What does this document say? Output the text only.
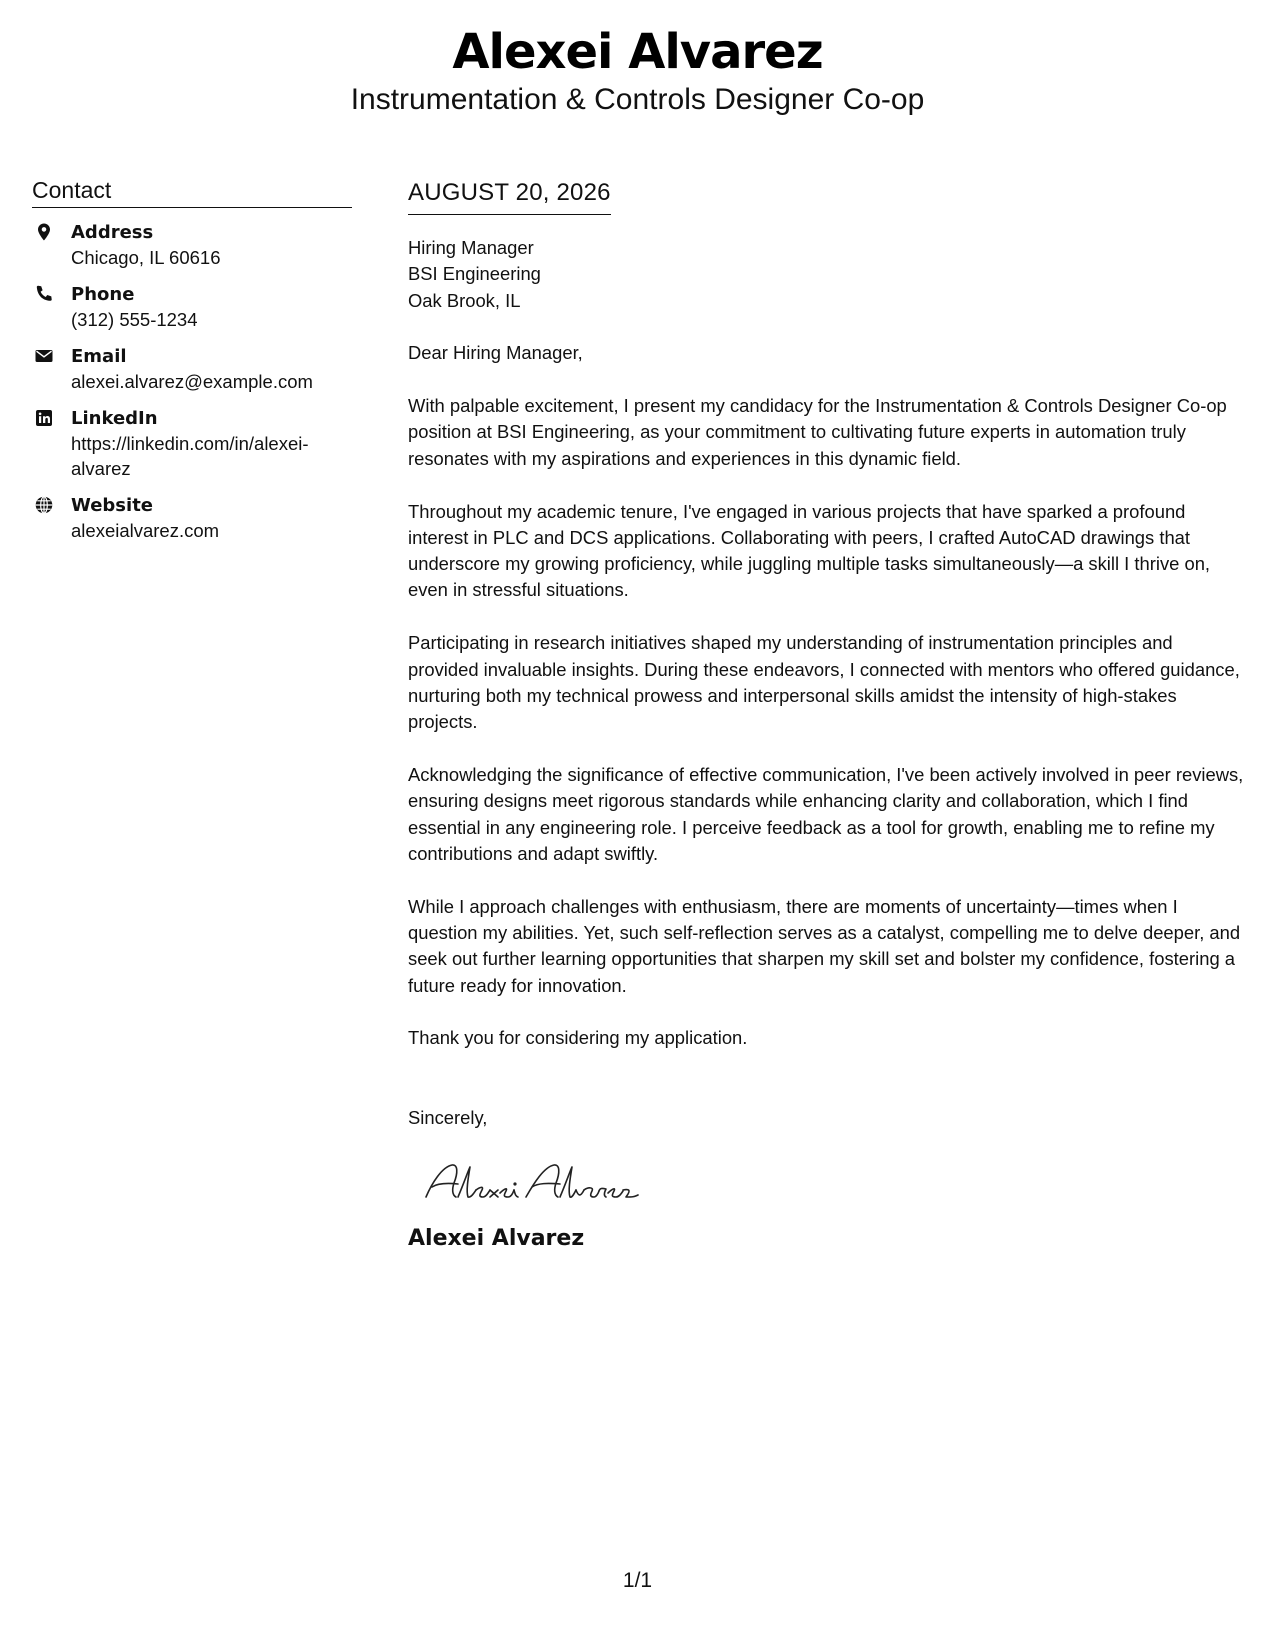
Alexei Alvarez
Instrumentation & Controls Designer Co-op
Contact
Address
Chicago, IL 60616
Phone
(312) 555-1234
Email
alexei.alvarez@example.com
LinkedIn
https://linkedin.com/in/alexei-alvarez
Website
alexeialvarez.com
AUGUST 20, 2026
Hiring Manager
BSI Engineering
Oak Brook, IL
Dear Hiring Manager,
With palpable excitement, I present my candidacy for the Instrumentation & Controls Designer Co-op position at BSI Engineering, as your commitment to cultivating future experts in automation truly resonates with my aspirations and experiences in this dynamic field.
Throughout my academic tenure, I've engaged in various projects that have sparked a profound interest in PLC and DCS applications. Collaborating with peers, I crafted AutoCAD drawings that underscore my growing proficiency, while juggling multiple tasks simultaneously—a skill I thrive on, even in stressful situations.
Participating in research initiatives shaped my understanding of instrumentation principles and provided invaluable insights. During these endeavors, I connected with mentors who offered guidance, nurturing both my technical prowess and interpersonal skills amidst the intensity of high-stakes projects.
Acknowledging the significance of effective communication, I've been actively involved in peer reviews, ensuring designs meet rigorous standards while enhancing clarity and collaboration, which I find essential in any engineering role. I perceive feedback as a tool for growth, enabling me to refine my contributions and adapt swiftly.
While I approach challenges with enthusiasm, there are moments of uncertainty—times when I question my abilities. Yet, such self-reflection serves as a catalyst, compelling me to delve deeper, and seek out further learning opportunities that sharpen my skill set and bolster my confidence, fostering a future ready for innovation.
Thank you for considering my application.
Sincerely,
Alexei Alvarez
1/1
